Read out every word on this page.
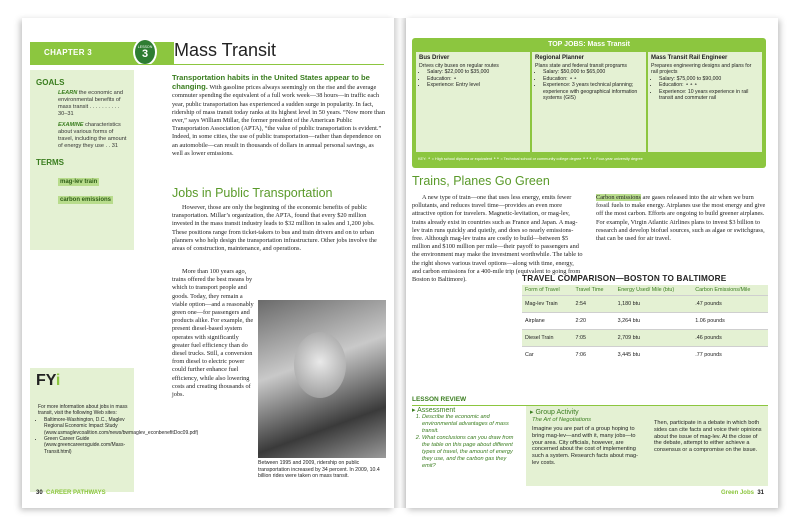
CHAPTER 3
LESSON
3	Mass Transit
GOALS
LEARN the economic and environmental benefits of mass transit . . . . . . . . . . 30–31
EXAMINE characteristics about various forms of travel, including the amount of energy they use . . 31
TERMS
mag-lev train
carbon emissions
FYi
For more information about jobs in mass transit, visit the following Web sites:
• Baltimore-Washington, D.C., Maglev Regional Economic Impact Study (www.usmaglevcoalition.com/news/bwmaglev_econbenefitDoc09.pdf)
• Green Career Guide (www.greencareersguide.com/Mass-Transit.html)
Transportation habits in the United States appear to be changing. With gasoline prices always seemingly on the rise and the average commuter spending the equivalent of a full work week—38 hours—in traffic each year, public transportation has experienced a sudden surge in popularity. In fact, ridership of mass transit today ranks at its highest level in 50 years. “Now more than ever,” says William Millar, the former president of the American Public Transportation Association (APTA), “the value of public transportation is evident.” Indeed, in some cities, the use of public transportation—rather than dependence on an automobile—can result in thousands of dollars in annual personal savings, as well as lower emissions.
Jobs in Public Transportation
However, those are only the beginning of the economic benefits of public transportation. Millar’s organization, the APTA, found that every $20 million invested in the mass transit industry leads to $32 million in sales and 1,200 jobs. These positions range from ticket-takers to bus and train drivers and on to urban planners who help design the transportation infrastructure. Other jobs involve the areas of construction, maintenance, and operations.
More than 100 years ago, trains offered the best means by which to transport people and goods. Today, they remain a viable option—and a reasonably green one—for passengers and products alike. For example, the present diesel-based system operates with significantly greater fuel efficiency than do diesel trucks. Still, a conversion from diesel to electric power could further enhance fuel efficiency, while also lowering costs and creating thousands of jobs.
Between 1995 and 2009, ridership on public transportation increased by 34 percent. In 2009, 10.4 billion rides were taken on mass transit.
30 CAREER PATHWAYS
TOP JOBS: Mass Transit
Bus Driver

Drives city buses on regular routes

• Salary: $22,000 to $35,000
• Education: ⚬
• Experience: Entry level
Regional Planner

Plans state and federal transit programs

• Salary: $50,000 to $65,000
• Education: ⚬⚬
• Experience: 3 years technical planning; experience with geographical information systems (GIS)
Mass Transit Rail Engineer

Prepares engineering designs and plans for rail projects

• Salary: $75,000 to $90,000
• Education: ⚬⚬⚬
• Experience: 10 years experience in rail transit and commuter rail
KEY: ⚬ = High school diploma or equivalent ⚬⚬ = Technical school or community college degree ⚬⚬⚬ = Four-year university degree
Trains, Planes Go Green
A new type of train—one that uses less energy, emits fewer pollutants, and reduces travel time—provides an even more attractive option for travelers. Magnetic-levitation, or mag-lev, trains already exist in countries such as France and Japan. A mag-lev train runs quickly and quietly, and does so nearly emissions-free. Although mag-lev trains are costly to build—between $5 million and $100 million per mile—their payoff to passengers and the environment may make the investment worthwhile. The table to the right shows various travel options—along with time, energy, and carbon emissions for a 400-mile trip (equivalent to going from Boston to Baltimore).
Carbon emissions are gases released into the air when we burn fossil fuels to make energy. Airplanes use the most energy and give off the most carbon. Efforts are ongoing to build greener airplanes. For example, Virgin Atlantic Airlines plans to invest $3 billion to research and develop biofuel sources, such as algae or switchgrass, that can be used for air travel.
TRAVEL COMPARISON—BOSTON TO BALTIMORE
Form of Travel	Travel Time	Energy Used/ Mile (btu)	Carbon Emissions/Mile
Mag-lev Train	2:54	1,180 btu	.47 pounds
Airplane	2:20	3,264 btu	1.06 pounds
Diesel Train	7:05	2,709 btu	.46 pounds
Car	7:06	3,445 btu	.77 pounds
LESSON REVIEW
▸ Assessment
1. Describe the economic and environmental advantages of mass transit.
2. What conclusions can you draw from the table on this page about different types of travel, the amount of energy they use, and the carbon gas they emit?
▸ Group Activity
The Art of Negotiations
Imagine you are part of a group hoping to bring mag-lev—and with it, many jobs—to your area. City officials, however, are concerned about the cost of implementing such a system. Research facts about mag-lev costs.
Then, participate in a debate in which both sides can cite facts and voice their opinions about the issue of mag-lev. At the close of the debate, attempt to either achieve a consensus or a compromise on the issue.
Green Jobs 31
